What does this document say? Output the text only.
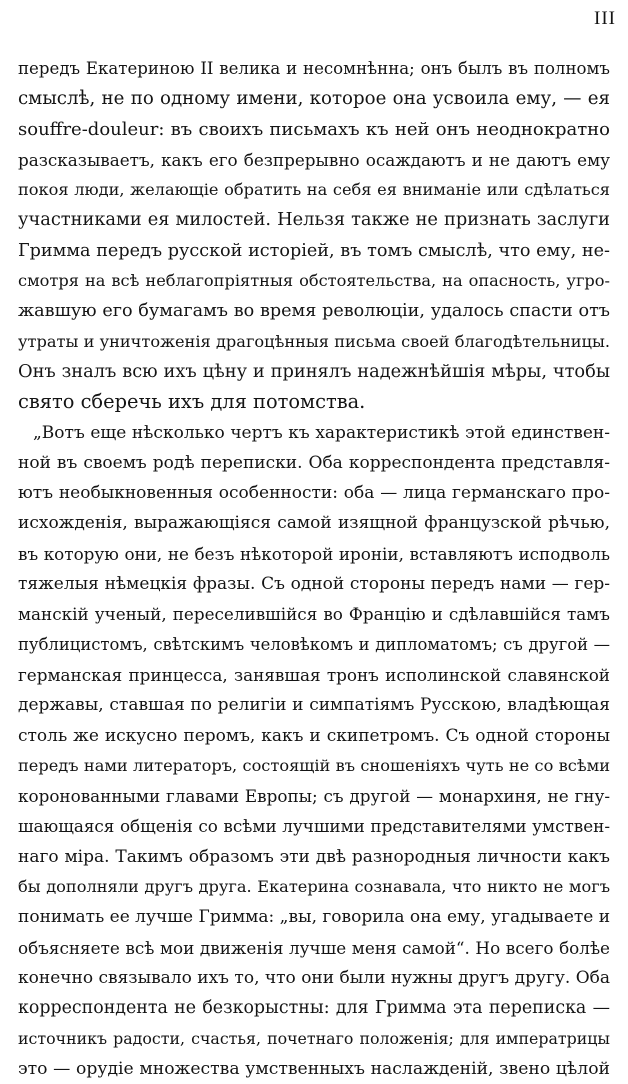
III
передъ Екатериною II велика и несомнѣнна; онъ былъ въ полномъ
смыслѣ, не по одному имени, которое она усвоила ему, — ея
souffre-douleur: въ своихъ письмахъ къ ней онъ неоднократно
разсказываетъ, какъ его безпрерывно осаждаютъ и не даютъ ему
покоя люди, желающіе обратить на себя ея вниманіе или сдѣлаться
участниками ея милостей. Нельзя также не признать заслуги
Гримма передъ русской исторіей, въ томъ смыслѣ, что ему, не-
смотря на всѣ неблагопріятныя обстоятельства, на опасность, угро-
жавшую его бумагамъ во время революціи, удалось спасти отъ
утраты и уничтоженія драгоцѣнныя письма своей благодѣтельницы.
Онъ зналъ всю ихъ цѣну и принялъ надежнѣйшія мѣры, чтобы
свято сберечь ихъ для потомства.
„Вотъ еще нѣсколько чертъ къ характеристикѣ этой единствен-
ной въ своемъ родѣ переписки. Оба корреспондента представля-
ютъ необыкновенныя особенности: оба — лица германскаго про-
исхожденія, выражающіяся самой изящной французской рѣчью,
въ которую они, не безъ нѣкоторой ироніи, вставляютъ исподволь
тяжелыя нѣмецкія фразы. Съ одной стороны передъ нами — гер-
манскій ученый, переселившійся во Францію и сдѣлавшійся тамъ
публицистомъ, свѣтскимъ человѣкомъ и дипломатомъ; съ другой —
германская принцесса, занявшая тронъ исполинской славянской
державы, ставшая по религіи и симпатіямъ Русскою, владѣющая
столь же искусно перомъ, какъ и скипетромъ. Съ одной стороны
передъ нами литераторъ, состоящій въ сношеніяхъ чуть не со всѣми
коронованными главами Европы; съ другой — монархиня, не гну-
шающаяся общенія со всѣми лучшими представителями умствен-
наго міра. Такимъ образомъ эти двѣ разнородныя личности какъ
бы дополняли другъ друга. Екатерина сознавала, что никто не могъ
понимать ее лучше Гримма: „вы, говорила она ему, угадываете и
объясняете всѣ мои движенія лучше меня самой“. Но всего болѣе
конечно связывало ихъ то, что они были нужны другъ другу. Оба
корреспондента не безкорыстны: для Гримма эта переписка —
источникъ радости, счастья, почетнаго положенія; для императрицы
это — орудіе множества умственныхъ наслажденій, звено цѣлой
